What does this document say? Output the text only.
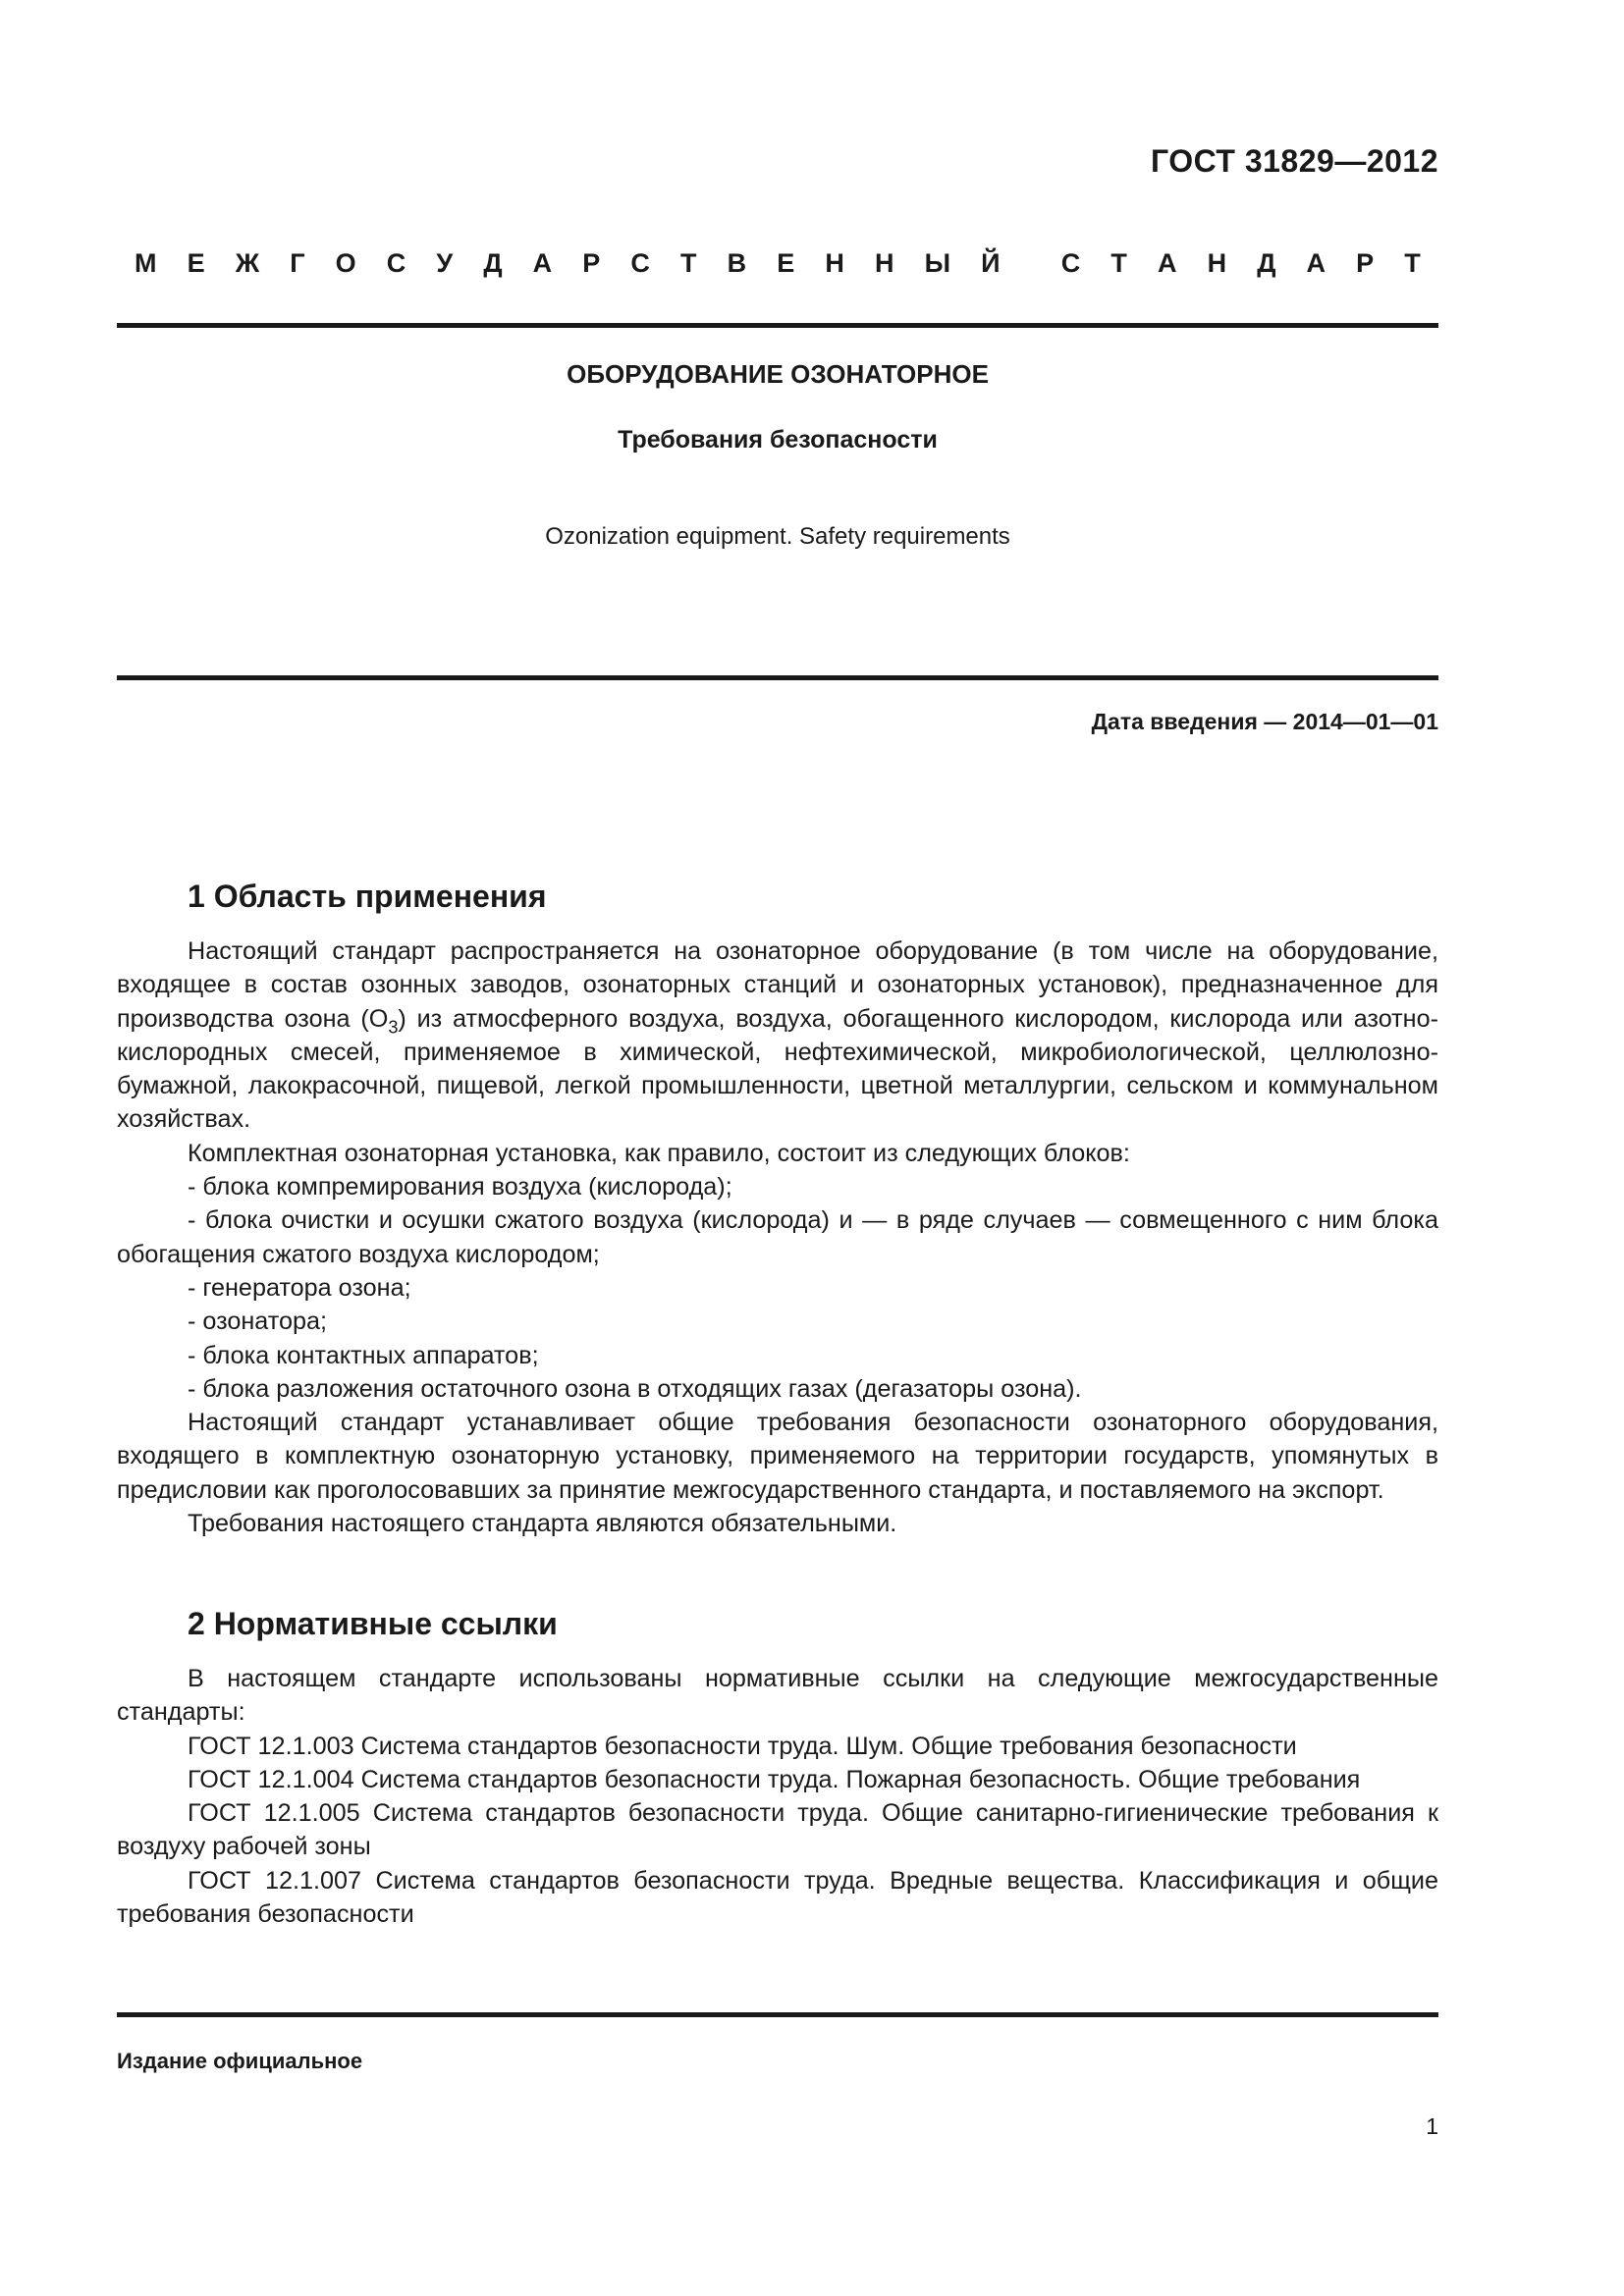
ГОСТ 31829—2012
М Е Ж Г О С У Д А Р С Т В Е Н Н Ы Й С Т А Н Д А Р Т
ОБОРУДОВАНИЕ ОЗОНАТОРНОЕ
Требования безопасности
Ozonization equipment. Safety requirements
Дата введения — 2014—01—01
1 Область применения

Настоящий стандарт распространяется на озонаторное оборудование (в том числе на оборудование, входящее в состав озонных заводов, озонаторных станций и озонаторных установок), предназначенное для производства озона $(О_3)$ из атмосферного воздуха, воздуха, обогащенного кислородом, кислорода или азотно-кислородных смесей, применяемое в химической, нефтехимической, микробиологической, целлюлозно-бумажной, лакокрасочной, пищевой, легкой промышленности, цветной металлургии, сельском и коммунальном хозяйствах.

Комплектная озонаторная установка, как правило, состоит из следующих блоков:

- блока компремирования воздуха (кислорода);

- блока очистки и осушки сжатого воздуха (кислорода) и — в ряде случаев — совмещенного с ним блока обогащения сжатого воздуха кислородом;

- генератора озона;

- озонатора;

- блока контактных аппаратов;

- блока разложения остаточного озона в отходящих газах (дегазаторы озона).

Настоящий стандарт устанавливает общие требования безопасности озонаторного оборудования, входящего в комплектную озонаторную установку, применяемого на территории государств, упомянутых в предисловии как проголосовавших за принятие межгосударственного стандарта, и поставляемого на экспорт.

Требования настоящего стандарта являются обязательными.

2 Нормативные ссылки

В настоящем стандарте использованы нормативные ссылки на следующие межгосударственные стандарты:

ГОСТ 12.1.003 Система стандартов безопасности труда. Шум. Общие требования безопасности

ГОСТ 12.1.004 Система стандартов безопасности труда. Пожарная безопасность. Общие требования

ГОСТ 12.1.005 Система стандартов безопасности труда. Общие санитарно-гигиенические требования к воздуху рабочей зоны

ГОСТ 12.1.007 Система стандартов безопасности труда. Вредные вещества. Классификация и общие требования безопасности

Издание официальное
1
